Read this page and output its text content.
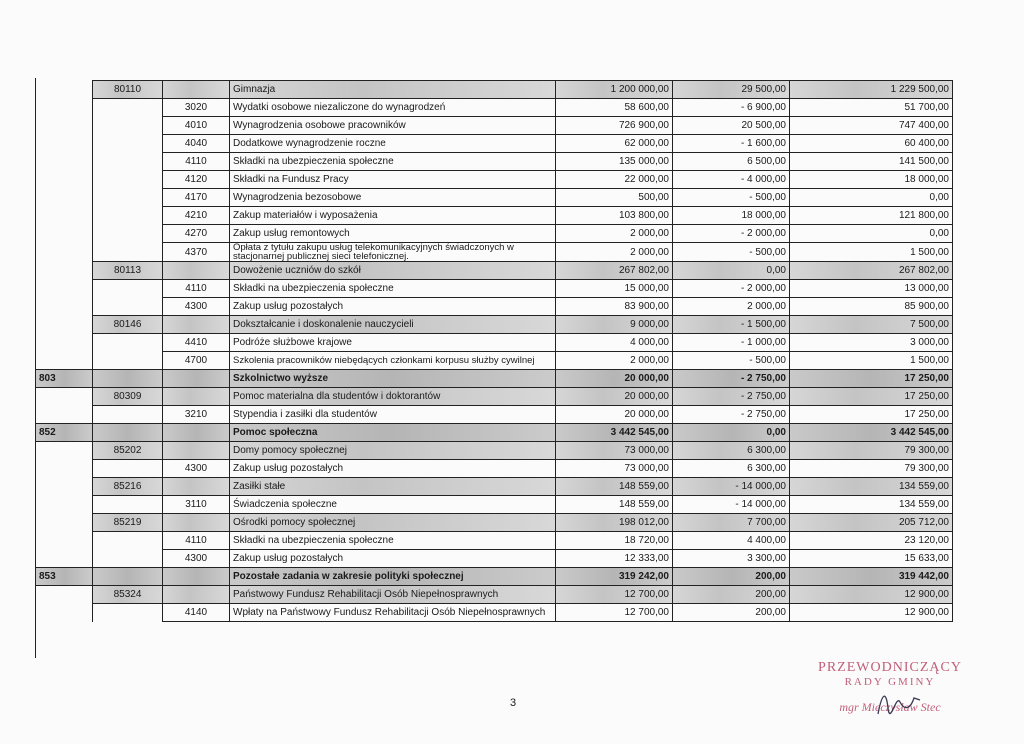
	80110		Gimnazja	1 200 000,00	29 500,00	1 229 500,00
		3020	Wydatki osobowe niezaliczone do wynagrodzeń	58 600,00	- 6 900,00	51 700,00
		4010	Wynagrodzenia osobowe pracowników	726 900,00	20 500,00	747 400,00
		4040	Dodatkowe wynagrodzenie roczne	62 000,00	- 1 600,00	60 400,00
		4110	Składki na ubezpieczenia społeczne	135 000,00	6 500,00	141 500,00
		4120	Składki na Fundusz Pracy	22 000,00	- 4 000,00	18 000,00
		4170	Wynagrodzenia bezosobowe	500,00	- 500,00	0,00
		4210	Zakup materiałów i wyposażenia	103 800,00	18 000,00	121 800,00
		4270	Zakup usług remontowych	2 000,00	- 2 000,00	0,00
		4370	Opłata z tytułu zakupu usług telekomunikacyjnych świadczonych w stacjonarnej publicznej sieci telefonicznej.	2 000,00	- 500,00	1 500,00
	80113		Dowożenie uczniów do szkół	267 802,00	0,00	267 802,00
		4110	Składki na ubezpieczenia społeczne	15 000,00	- 2 000,00	13 000,00
		4300	Zakup usług pozostałych	83 900,00	2 000,00	85 900,00
	80146		Dokształcanie i doskonalenie nauczycieli	9 000,00	- 1 500,00	7 500,00
		4410	Podróże służbowe krajowe	4 000,00	- 1 000,00	3 000,00
		4700	Szkolenia pracowników niebędących członkami korpusu służby cywilnej	2 000,00	- 500,00	1 500,00
803			Szkolnictwo wyższe	20 000,00	- 2 750,00	17 250,00
	80309		Pomoc materialna dla studentów i doktorantów	20 000,00	- 2 750,00	17 250,00
		3210	Stypendia i zasiłki dla studentów	20 000,00	- 2 750,00	17 250,00
852			Pomoc społeczna	3 442 545,00	0,00	3 442 545,00
	85202		Domy pomocy społecznej	73 000,00	6 300,00	79 300,00
		4300	Zakup usług pozostałych	73 000,00	6 300,00	79 300,00
	85216		Zasiłki stałe	148 559,00	- 14 000,00	134 559,00
		3110	Świadczenia społeczne	148 559,00	- 14 000,00	134 559,00
	85219		Ośrodki pomocy społecznej	198 012,00	7 700,00	205 712,00
		4110	Składki na ubezpieczenia społeczne	18 720,00	4 400,00	23 120,00
		4300	Zakup usług pozostałych	12 333,00	3 300,00	15 633,00
853			Pozostałe zadania w zakresie polityki społecznej	319 242,00	200,00	319 442,00
	85324		Państwowy Fundusz Rehabilitacji Osób Niepełnosprawnych	12 700,00	200,00	12 900,00
		4140	Wpłaty na Państwowy Fundusz Rehabilitacji Osób Niepełnosprawnych	12 700,00	200,00	12 900,00
3
PRZEWODNICZĄCY
RADY GMINY
mgr Mieczysław Stec
